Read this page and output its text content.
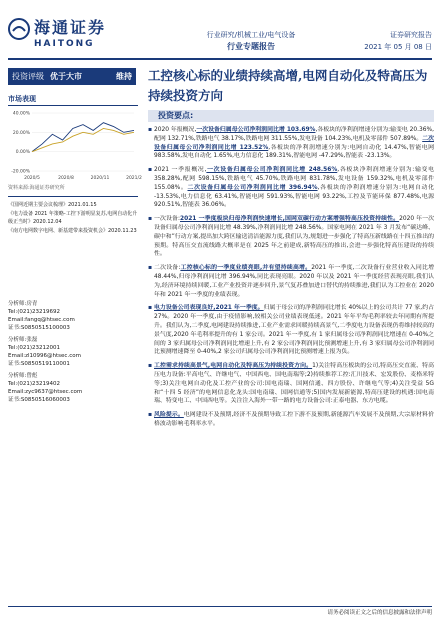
海通证券
HAITONG
行业研究/机械工业/电气设备
行业专题报告
证券研究报告
2021 年 05 月 08 日
投资评级 优于大市	维持 工控核心标的业绩持续高增,电网自动化及特高压为持续投资方向
市场表现
40.00%
20.00%
0.00%
-20.00%
2020/5	2020/8	2020/11	2021/2
资料来源:海通证券研究所
《国网近期主要会议梳理》2021.01.15
《电力设备 2021 年策略-工控下游明显复苏,电网自动化升级正当时》2020.12.04
《南方电网数字电网、新基建带来投资机会》2020.11.23
分析师:房青
Tel:(021)23219692
Email:fangq@htsec.com
证书:S0850515100003
分析师:张磊
Tel:(021)23212001
Email:zl10996@htsec.com
证书:S0850519110001
分析师:曾彪
Tel:(021)23219402
Email:zyc9637@htsec.com
证书:S0850516060003
投资要点:
▪ 2020 年报概况,一次设备归属母公司净利润同比增 103.69%,各板块的净利润增速分别为:输变电 20.36%,配网 132.71%,铁路电气 38.17%,铁路电网 311.55%,发电设备 104.23%,电机及零部件 507.89%。二次设备归属母公司净利润同比增 123.52%,各板块的净利润增速分别为:电网自动化 14.47%,智能电网 983.58%,发电自动化 1.65%,电力信息化 189.31%,智能电网 -47.29%,智能表 -23.13%。
▪ 2021 一季报概况,一次设备归属母公司净利润同比增 248.56%,各板块净利润增速分别为:输变电 358.28%,配网 598.15%,铁路电气 45.70%,铁路电网 831.78%,发电设备 159.32%,电机及零部件 155.08%。二次设备归属母公司净利润同比增 396.94%,各板块的净利润增速分别为:电网自动化 -13.53%,电力信息化 63.41%,智能电网 591.93%,智能电网 93.22%,工控及节能环保 877.48%,电源 920.51%,智能表 36.06%。
▪ 一次设备:2021 一季度板块归母净利润快速增长,国网双碳行动方案增强特高压投资持续性。2020 年一次设备归属母公司净利润同比增 48.39%,净利润同比增 248.56%。国家电网在 2021 年 3 月发布“碳达峰、碳中和”行动方案,提出加大跨区输送清洁能源力度,我们认为,规划进一步强化了特高压新线路在十四五推出的预期。特高压交直流线路大概率是在 2025 年之前建成,新特高压的推出,会进一步强化特高压建设的持续性。
▪ 二次设备:工控核心标的一季度业绩亮眼,并有望持续高增。2021 年一季度,二次设备行业营业收入同比增 48.44%,归母净利润同比增 396.94%,同比表现亮眼。2020 年以及 2021 年一季度经营表现亮眼,我们认为,经济环境持续回暖,工业产业投资并逐步回升,景气复苏叠加进口替代的持续推进,我们认为工控业在 2020 年和 2021 年一季度的业绩表现。
▪ 电力设备公司表现良好,2021 年一季度。归属于母公司的净利润同比增长 40%以上的公司共计 77 家,约占 27%。2020 年一季度,由于疫情影响,较相关公司业绩表现低迷。2021 年年平均毛利率较去年同期有所提升。我们认为,二季度,电网建设持续推进,工业产业需求回暖持续高景气,二季度电力设备表现仍将维持较高的景气度,2020 年毛利率提升的有 1 家公司。2021 年一季度,有 1 家归属母公司净利润同比增速在 0-40%之间的 3 家归属母公司净利润同比增速上升,有 2 家公司净利润同比预测增速上升,有 3 家归属母公司净利润同比预测增速降至 0-40%,2 家公司归属母公司净利润同比预测增速上报为负。
▪ 工控需求持续高景气,电网自动化及特高压为持续投资方向。1)关注特高压板块的公司,特高压交直流、特高压电力设备:平高电气、许继电气、中国西电、国电南瑞等;2)持续推荐工控:汇川技术、宏发股份、麦格米特等;3)关注电网自动化及工控产业的公司:国电南瑞、国网信通、四方股份、许继电气等;4)关注受益 5G 和“十四 5 经济”的电网信息化龙头:国电南瑞、国网信通等;5)国内发展新能源,特高压建设的机遇:国电南瑞、特变电工、中国西电等。关注注入海外一带一路的电力设备公司:正泰电器、东方电缆。
▪ 风险提示。电网建设不及预期,经济不及预期导致工控下游不及预期,新能源汽车发展不及预期,大宗原材料价格波动影响毛利率水平。
请务必阅读正文之后的信息披露和法律声明
